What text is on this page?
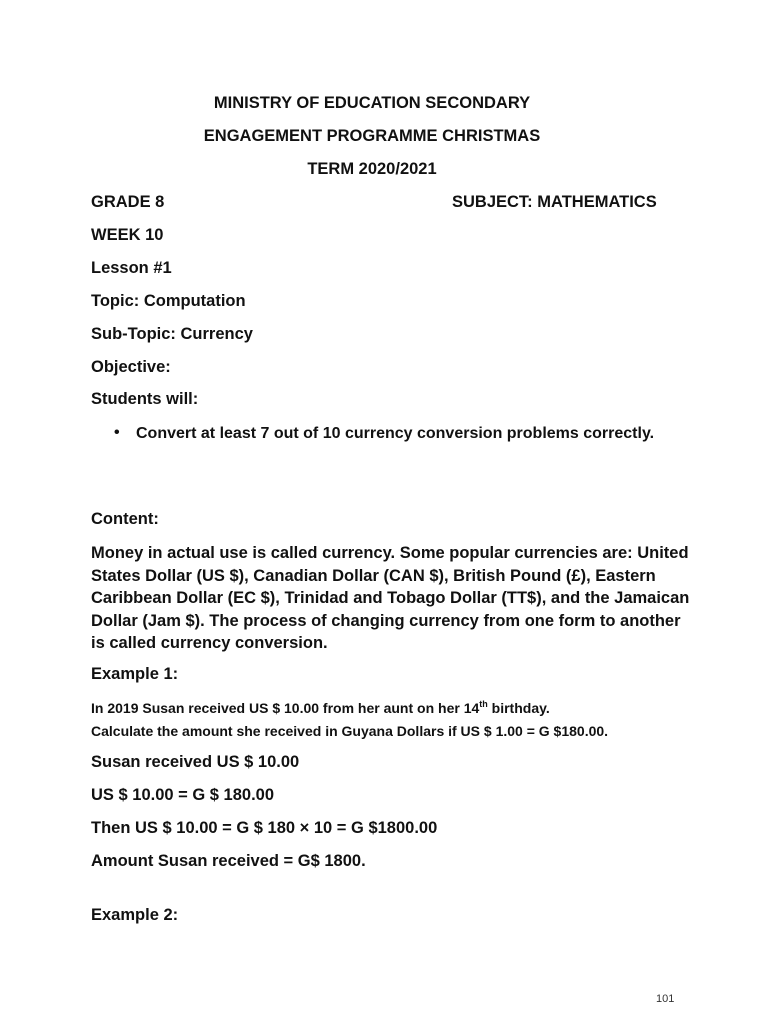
MINISTRY OF EDUCATION SECONDARY
ENGAGEMENT PROGRAMME CHRISTMAS
TERM 2020/2021
GRADE 8	SUBJECT: MATHEMATICS
WEEK 10
Lesson #1
Topic: Computation
Sub-Topic: Currency
Objective:
Students will:
• Convert at least 7 out of 10 currency conversion problems correctly.
Content:
Money in actual use is called currency. Some popular currencies are: United States Dollar (US $), Canadian Dollar (CAN $), British Pound (£), Eastern Caribbean Dollar (EC $), Trinidad and Tobago Dollar (TT$), and the Jamaican Dollar (Jam $). The process of changing currency from one form to another is called currency conversion.
Example 1:
In 2019 Susan received US $ 10.00 from her aunt on her 14th birthday.
Calculate the amount she received in Guyana Dollars if US $ 1.00 = G $180.00.
Susan received US $ 10.00
US $ 10.00 = G $ 180.00
Then US $ 10.00 = G $ 180 × 10 = G $1800.00
Amount Susan received = G$ 1800.
Example 2:
101
